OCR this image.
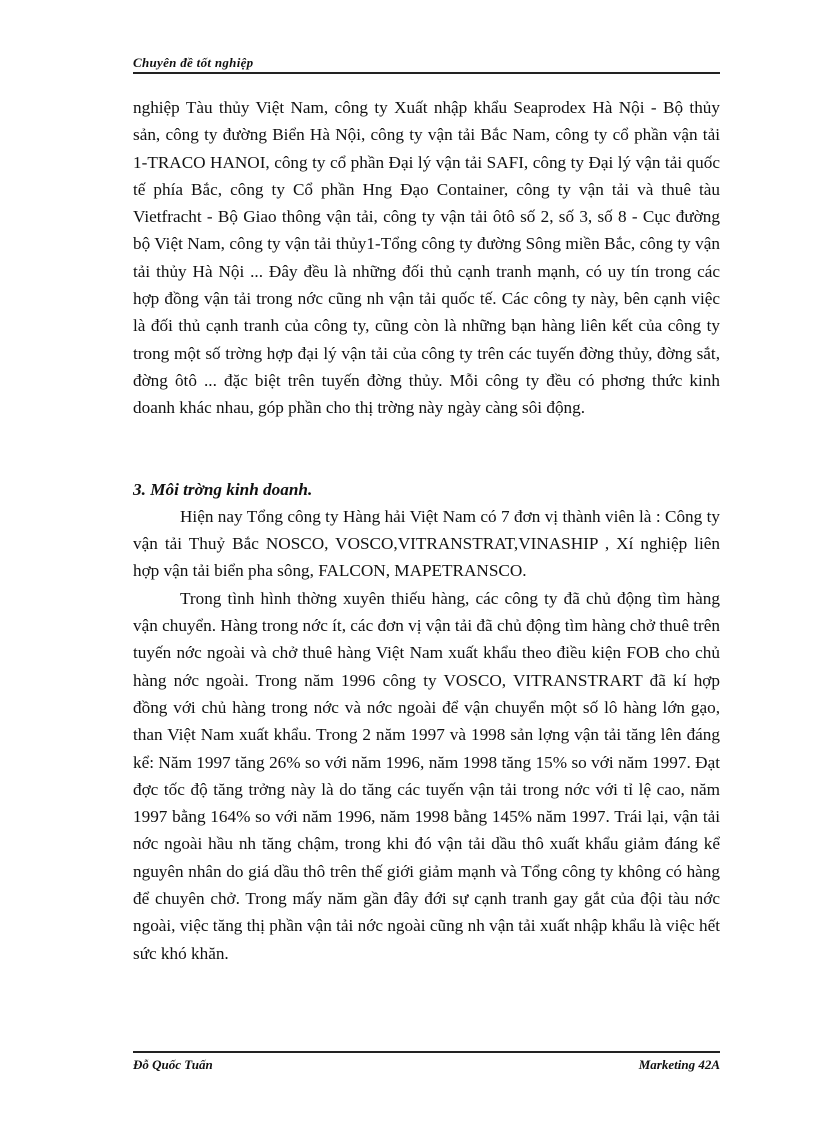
Chuyên đề tốt nghiệp

nghiệp Tàu thủy Việt Nam, công ty Xuất nhập khẩu Seaprodex Hà Nội - Bộ thủy sản, công ty đường Biển Hà Nội, công ty vận tải Bắc Nam, công ty cổ phần vận tải 1-TRACO HANOI, công ty cổ phần Đại lý vận tải SAFI, công ty Đại lý vận tải quốc tế phía Bắc, công ty Cổ phần Hng Đạo Container, công ty vận tải và thuê tàu Vietfracht - Bộ Giao thông vận tải, công ty vận tải ôtô số 2, số 3, số 8 - Cục đường bộ Việt Nam, công ty vận tải thủy1-Tổng công ty đường Sông miền Bắc, công ty vận tải thủy Hà Nội ... Đây đều là những đối thủ cạnh tranh mạnh, có uy tín trong các hợp đồng vận tải trong nớc cũng nh vận tải quốc tế. Các công ty này, bên cạnh việc là đối thủ cạnh tranh của công ty, cũng còn là những bạn hàng liên kết của công ty trong một số trờng hợp đại lý vận tải của công ty trên các tuyến đờng thủy, đờng sắt, đờng ôtô ... đặc biệt trên tuyến đờng thủy. Mỗi công ty đều có phơng thức kinh doanh khác nhau, góp phần cho thị trờng này ngày càng sôi động.

3. Môi trờng kinh doanh.

Hiện nay Tổng công ty Hàng hải Việt Nam có 7 đơn vị thành viên là : Công ty vận tải Thuỷ Bắc NOSCO, VOSCO,VITRANSTRAT,VINASHIP , Xí nghiệp liên hợp vận tải biển pha sông, FALCON, MAPETRANSCO.

Trong tình hình thờng xuyên thiếu hàng, các công ty đã chủ động tìm hàng vận chuyển. Hàng trong nớc ít, các đơn vị vận tải đã chủ động tìm hàng chở thuê trên tuyến nớc ngoài và chở thuê hàng Việt Nam xuất khẩu theo điều kiện FOB cho chủ hàng nớc ngoài. Trong năm 1996 công ty VOSCO, VITRANSTRART đã kí hợp đồng với chủ hàng trong nớc và nớc ngoài để vận chuyển một số lô hàng lớn gạo, than Việt Nam xuất khẩu. Trong 2 năm 1997 và 1998 sản lợng vận tải tăng lên đáng kể: Năm 1997 tăng 26% so với năm 1996, năm 1998 tăng 15% so với năm 1997. Đạt đợc tốc độ tăng trởng này là do tăng các tuyến vận tải trong nớc với tỉ lệ cao, năm 1997 bằng 164% so với năm 1996, năm 1998 bằng 145% năm 1997. Trái lại, vận tải nớc ngoài hầu nh tăng chậm, trong khi đó vận tải dầu thô xuất khẩu giảm đáng kể nguyên nhân do giá dầu thô trên thế giới giảm mạnh và Tổng công ty không có hàng để chuyên chở. Trong mấy năm gần đây đới sự cạnh tranh gay gắt của đội tàu nớc ngoài, việc tăng thị phần vận tải nớc ngoài cũng nh vận tải xuất nhập khẩu là việc hết sức khó khăn.

Đỗ Quốc Tuấn	Marketing 42A
